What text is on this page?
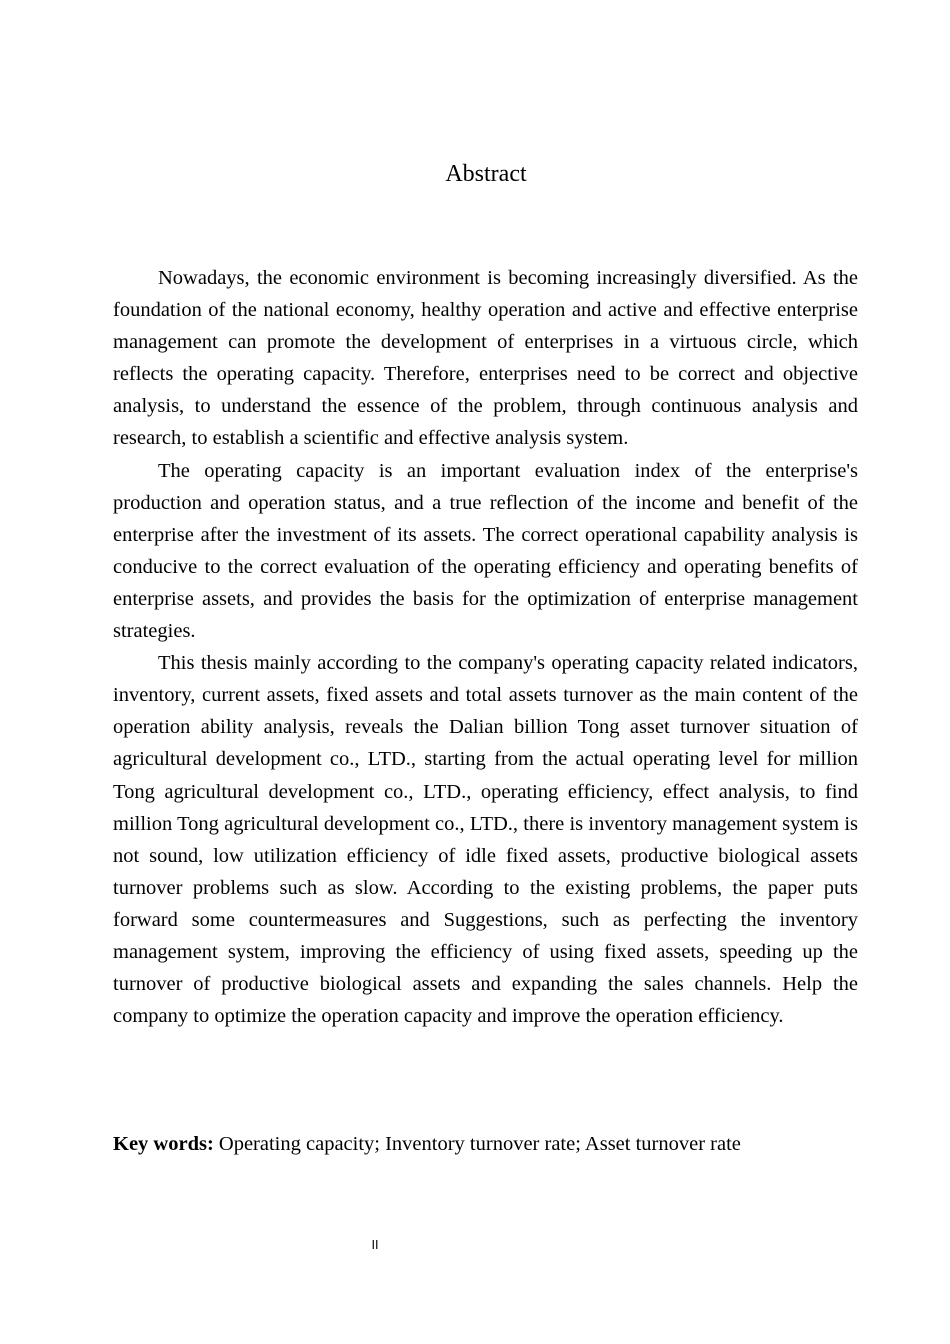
Abstract

Nowadays, the economic environment is becoming increasingly diversified. As the foundation of the national economy, healthy operation and active and effective enterprise management can promote the development of enterprises in a virtuous circle, which reflects the operating capacity. Therefore, enterprises need to be correct and objective analysis, to understand the essence of the problem, through continuous analysis and research, to establish a scientific and effective analysis system.

The operating capacity is an important evaluation index of the enterprise's production and operation status, and a true reflection of the income and benefit of the enterprise after the investment of its assets. The correct operational capability analysis is conducive to the correct evaluation of the operating efficiency and operating benefits of enterprise assets, and provides the basis for the optimization of enterprise management strategies.

This thesis mainly according to the company's operating capacity related indicators, inventory, current assets, fixed assets and total assets turnover as the main content of the operation ability analysis, reveals the Dalian billion Tong asset turnover situation of agricultural development co., LTD., starting from the actual operating level for million Tong agricultural development co., LTD., operating efficiency, effect analysis, to find million Tong agricultural development co., LTD., there is inventory management system is not sound, low utilization efficiency of idle fixed assets, productive biological assets turnover problems such as slow. According to the existing problems, the paper puts forward some countermeasures and Suggestions, such as perfecting the inventory management system, improving the efficiency of using fixed assets, speeding up the turnover of productive biological assets and expanding the sales channels. Help the company to optimize the operation capacity and improve the operation efficiency.

Key words: Operating capacity; Inventory turnover rate; Asset turnover rate

II
